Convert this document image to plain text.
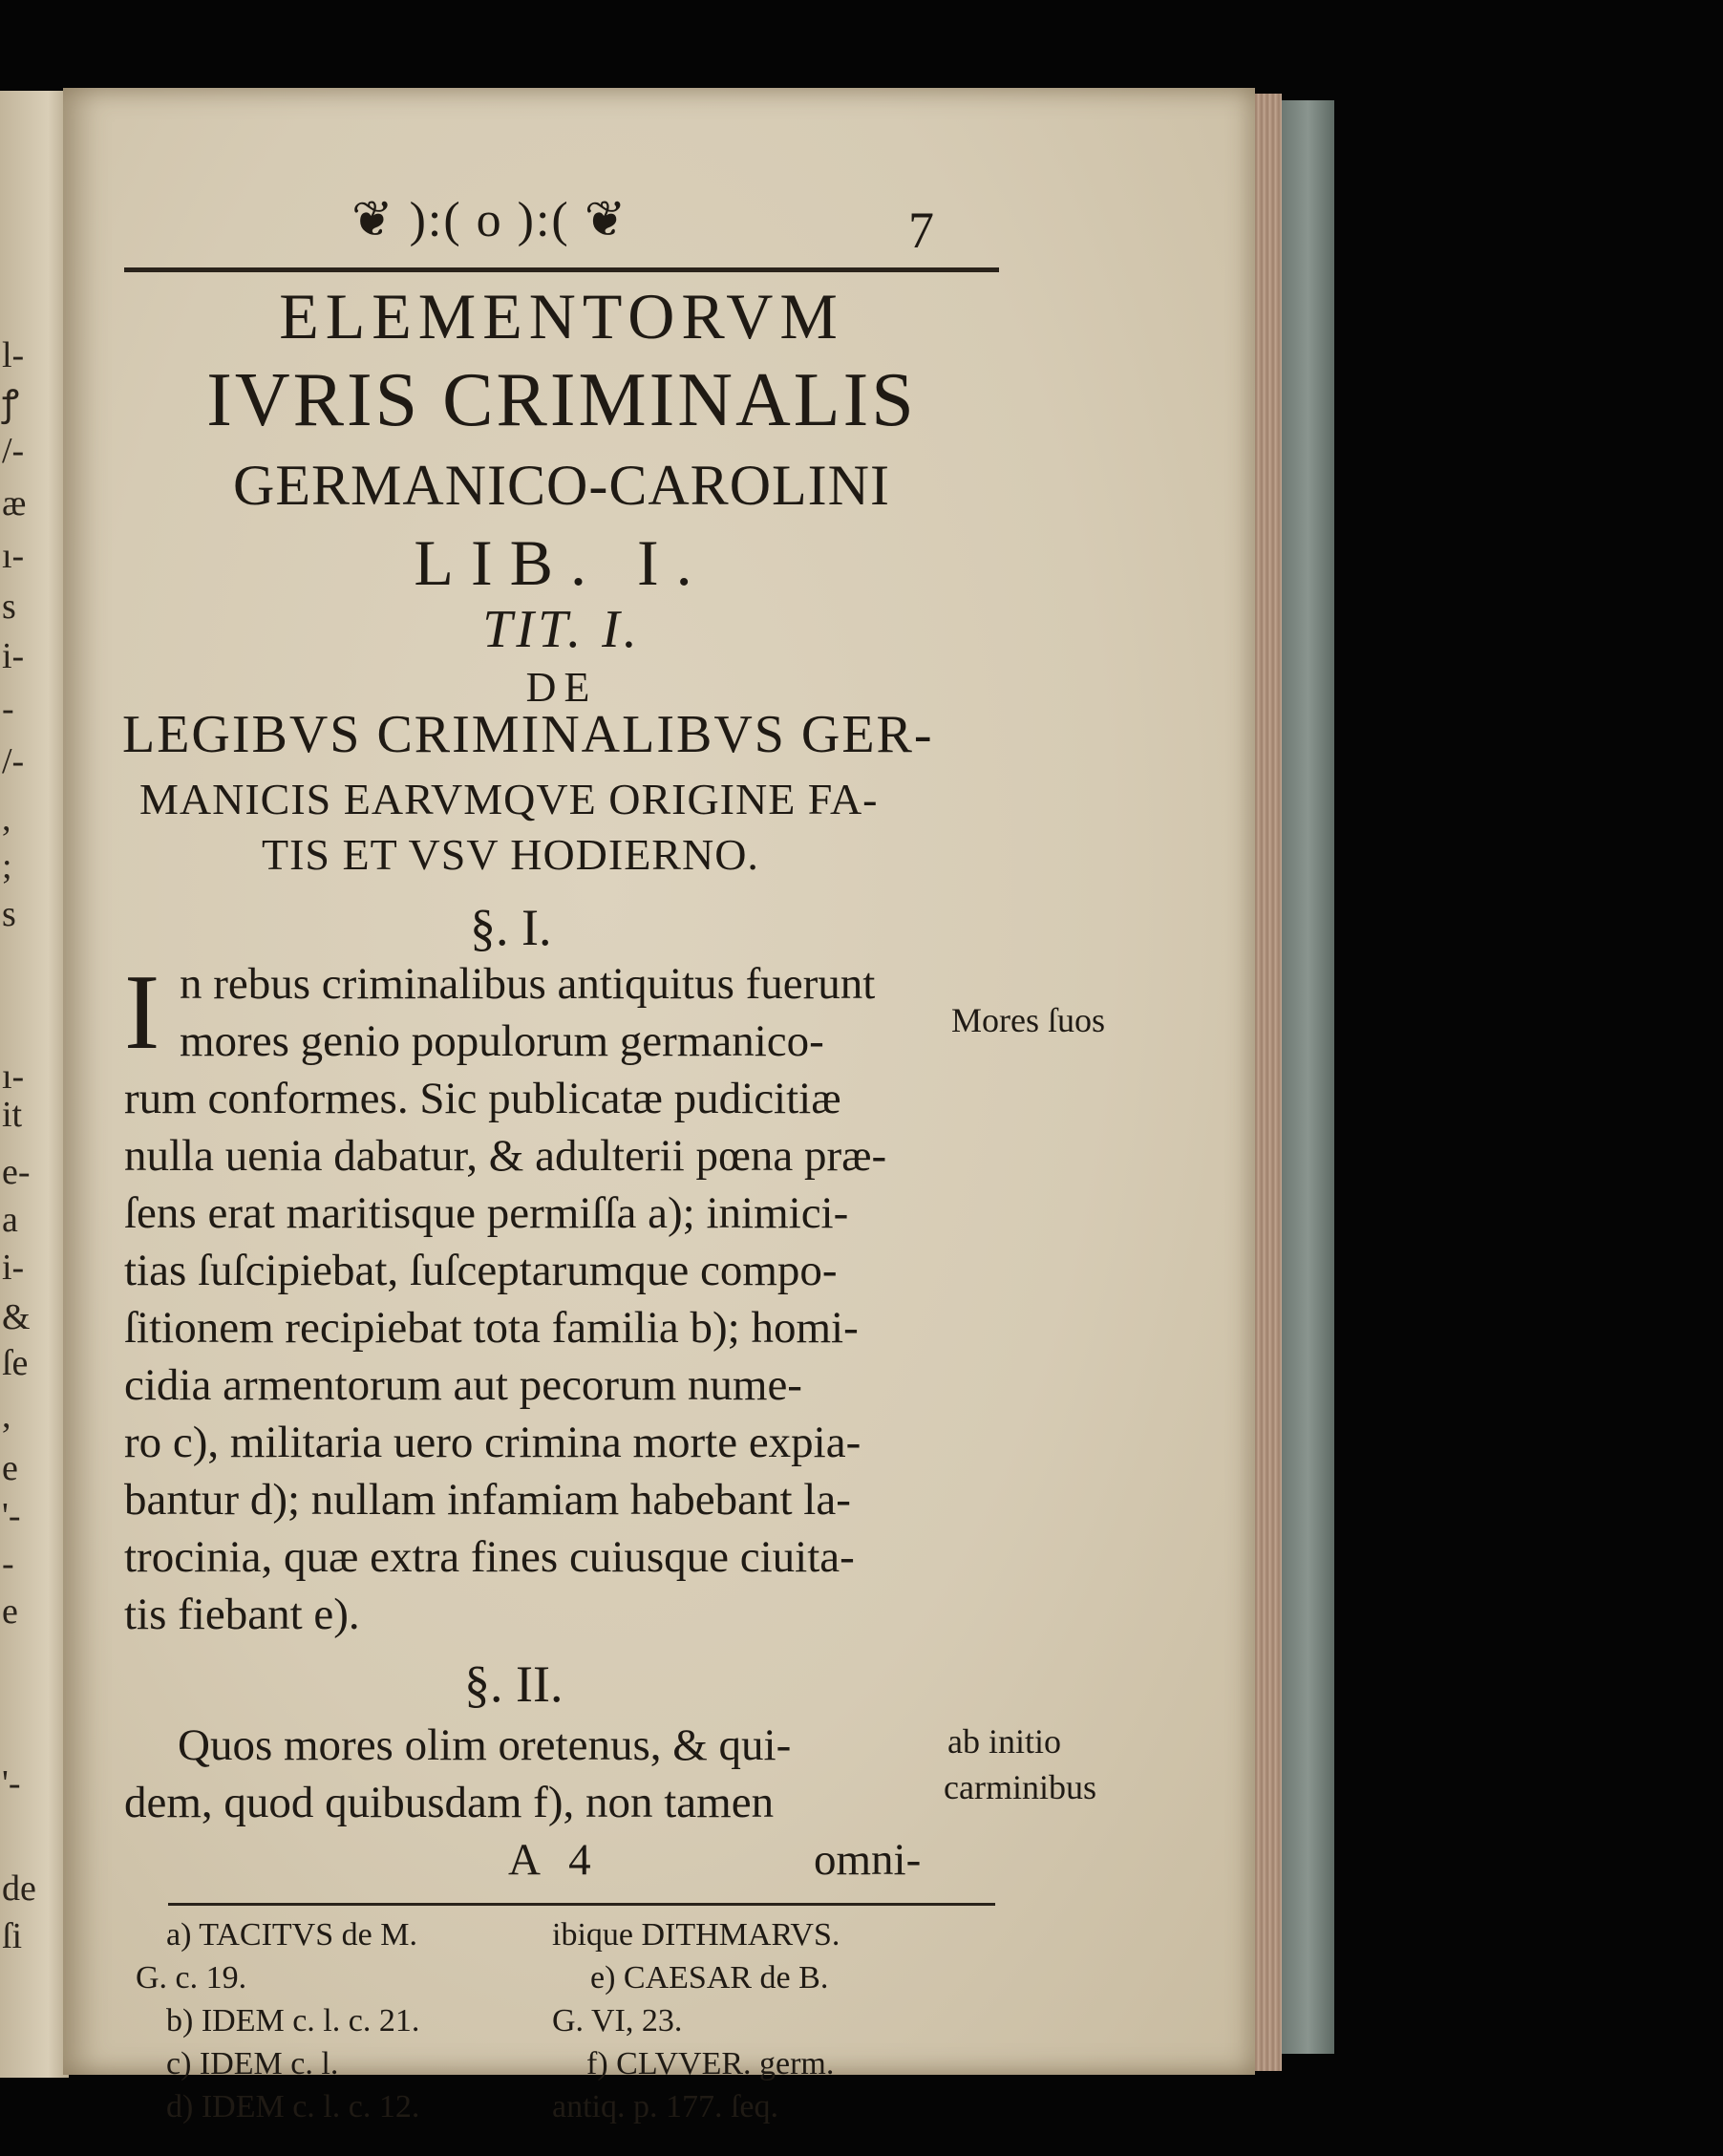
l-
ꝭ
/-
æ
ı-
s
i-
-
/-
,
;
s
ı-
it
e-
a
i-
&
ſe
,
e
'-
-
e
'-
de
ſi
❦ ):( o ):( ❦	7
ELEMENTORVM
IVRIS CRIMINALIS
GERMANICO-CAROLINI
LIB. I.
TIT. I.
DE
LEGIBVS CRIMINALIBVS GER-
MANICIS EARVMQVE ORIGINE FA-
TIS ET VSV HODIERNO.
§. I.
I n rebus criminalibus antiquitus fuerunt
mores genio populorum germanico-
rum conformes. Sic publicatæ pudicitiæ
nulla uenia dabatur, & adulterii pœna præ-
ſens erat maritisque permiſſa a); inimici-
tias ſuſcipiebat, ſuſceptarumque compo-
ſitionem recipiebat tota familia b); homi-
cidia armentorum aut pecorum nume-
ro c), militaria uero crimina morte expia-
bantur d); nullam infamiam habebant la-
trocinia, quæ extra fines cuiusque ciuita-
tis fiebant e).
Mores ſuos
§. II.
Quos mores olim oretenus, & qui-
dem, quod quibusdam f), non tamen
ab initio
carminibus
A 4	omni-
a) TACITVS de M.
G. c. 19.
b) IDEM c. l. c. 21.
c) IDEM c. l.
d) IDEM c. l. c. 12.
ibique DITHMARVS.
e) CAESAR de B.
G. VI, 23.
f) CLVVER. germ.
antiq. p. 177. ſeq.
